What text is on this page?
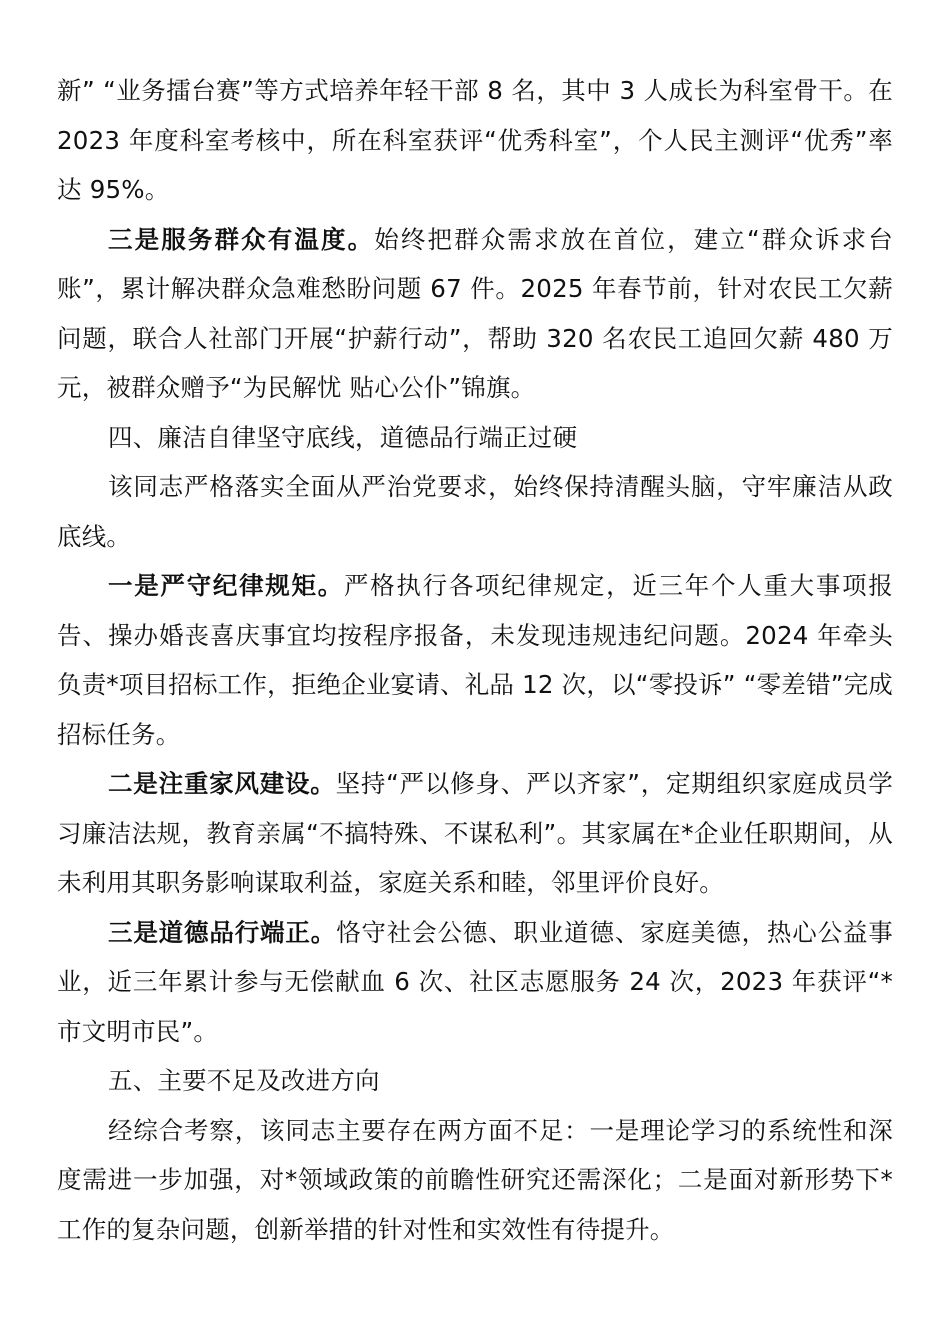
新” “业务擂台赛”等方式培养年轻干部 8 名，其中 3 人成长为科室骨干。在 2023 年度科室考核中，所在科室获评“优秀科室”，个人民主测评“优秀”率达 95%。

三是服务群众有温度。始终把群众需求放在首位，建立“群众诉求台账”，累计解决群众急难愁盼问题 67 件。2025 年春节前，针对农民工欠薪问题，联合人社部门开展“护薪行动”，帮助 320 名农民工追回欠薪 480 万元，被群众赠予“为民解忧 贴心公仆”锦旗。

四、廉洁自律坚守底线，道德品行端正过硬

该同志严格落实全面从严治党要求，始终保持清醒头脑，守牢廉洁从政底线。

一是严守纪律规矩。严格执行各项纪律规定，近三年个人重大事项报告、操办婚丧喜庆事宜均按程序报备，未发现违规违纪问题。2024 年牵头负责*项目招标工作，拒绝企业宴请、礼品 12 次，以“零投诉” “零差错”完成招标任务。

二是注重家风建设。坚持“严以修身、严以齐家”，定期组织家庭成员学习廉洁法规，教育亲属“不搞特殊、不谋私利”。其家属在*企业任职期间，从未利用其职务影响谋取利益，家庭关系和睦，邻里评价良好。

三是道德品行端正。恪守社会公德、职业道德、家庭美德，热心公益事业，近三年累计参与无偿献血 6 次、社区志愿服务 24 次，2023 年获评“*市文明市民”。

五、主要不足及改进方向

经综合考察，该同志主要存在两方面不足：一是理论学习的系统性和深度需进一步加强，对*领域政策的前瞻性研究还需深化；二是面对新形势下*工作的复杂问题，创新举措的针对性和实效性有待提升。
